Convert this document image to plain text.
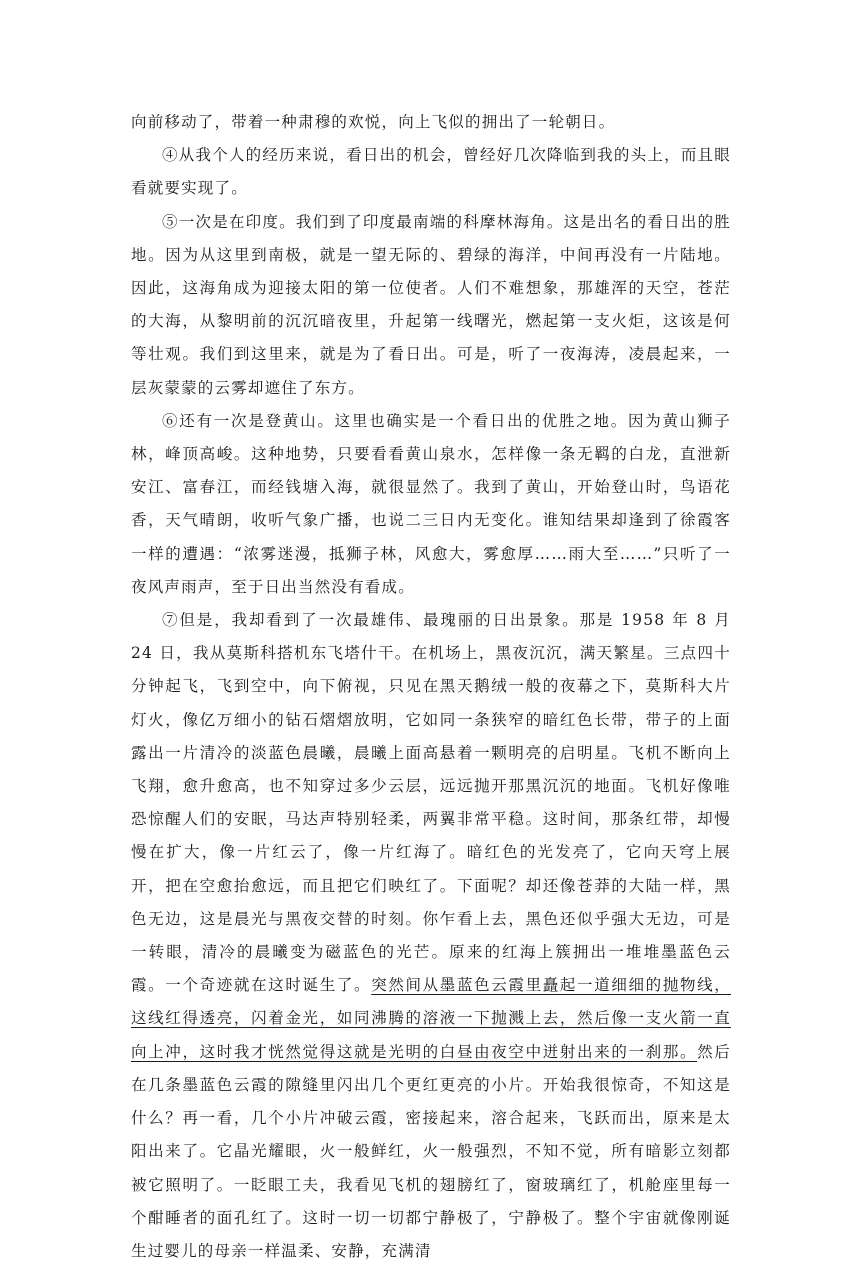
向前移动了，带着一种肃穆的欢悦，向上飞似的拥出了一轮朝日。

④从我个人的经历来说，看日出的机会，曾经好几次降临到我的头上，而且眼看就要实现了。

⑤一次是在印度。我们到了印度最南端的科摩林海角。这是出名的看日出的胜地。因为从这里到南极，就是一望无际的、碧绿的海洋，中间再没有一片陆地。因此，这海角成为迎接太阳的第一位使者。人们不难想象，那雄浑的天空，苍茫的大海，从黎明前的沉沉暗夜里，升起第一线曙光，燃起第一支火炬，这该是何等壮观。我们到这里来，就是为了看日出。可是，听了一夜海涛，凌晨起来，一层灰蒙蒙的云雾却遮住了东方。

⑥还有一次是登黄山。这里也确实是一个看日出的优胜之地。因为黄山狮子林，峰顶高峻。这种地势，只要看看黄山泉水，怎样像一条无羁的白龙，直泄新安江、富春江，而经钱塘入海，就很显然了。我到了黄山，开始登山时，鸟语花香，天气晴朗，收听气象广播，也说二三日内无变化。谁知结果却逢到了徐霞客一样的遭遇：“浓雾迷漫，抵狮子林，风愈大，雾愈厚……雨大至……”只听了一夜风声雨声，至于日出当然没有看成。

⑦但是，我却看到了一次最雄伟、最瑰丽的日出景象。那是 1958 年 8 月 24 日，我从莫斯科搭机东飞塔什干。在机场上，黑夜沉沉，满天繁星。三点四十分钟起飞，飞到空中，向下俯视，只见在黑天鹅绒一般的夜幕之下，莫斯科大片灯火，像亿万细小的钻石熠熠放明，它如同一条狭窄的暗红色长带，带子的上面露出一片清冷的淡蓝色晨曦，晨曦上面高悬着一颗明亮的启明星。飞机不断向上飞翔，愈升愈高，也不知穿过多少云层，远远抛开那黑沉沉的地面。飞机好像唯恐惊醒人们的安眠，马达声特别轻柔，两翼非常平稳。这时间，那条红带，却慢慢在扩大，像一片红云了，像一片红海了。暗红色的光发亮了，它向天穹上展开，把在空愈抬愈远，而且把它们映红了。下面呢？却还像苍莽的大陆一样，黑色无边，这是晨光与黑夜交替的时刻。你乍看上去，黑色还似乎强大无边，可是一转眼，清冷的晨曦变为磁蓝色的光芒。原来的红海上簇拥出一堆堆墨蓝色云霞。一个奇迹就在这时诞生了。突然间从墨蓝色云霞里矗起一道细细的抛物线，这线红得透亮，闪着金光，如同沸腾的溶液一下抛溅上去，然后像一支火箭一直向上冲，这时我才恍然觉得这就是光明的白昼由夜空中迸射出来的一刹那。然后在几条墨蓝色云霞的隙缝里闪出几个更红更亮的小片。开始我很惊奇，不知这是什么？再一看，几个小片冲破云霞，密接起来，溶合起来，飞跃而出，原来是太阳出来了。它晶光耀眼，火一般鲜红，火一般强烈，不知不觉，所有暗影立刻都被它照明了。一眨眼工夫，我看见飞机的翅膀红了，窗玻璃红了，机舱座里每一个酣睡者的面孔红了。这时一切一切都宁静极了，宁静极了。整个宇宙就像刚诞生过婴儿的母亲一样温柔、安静，充满清
